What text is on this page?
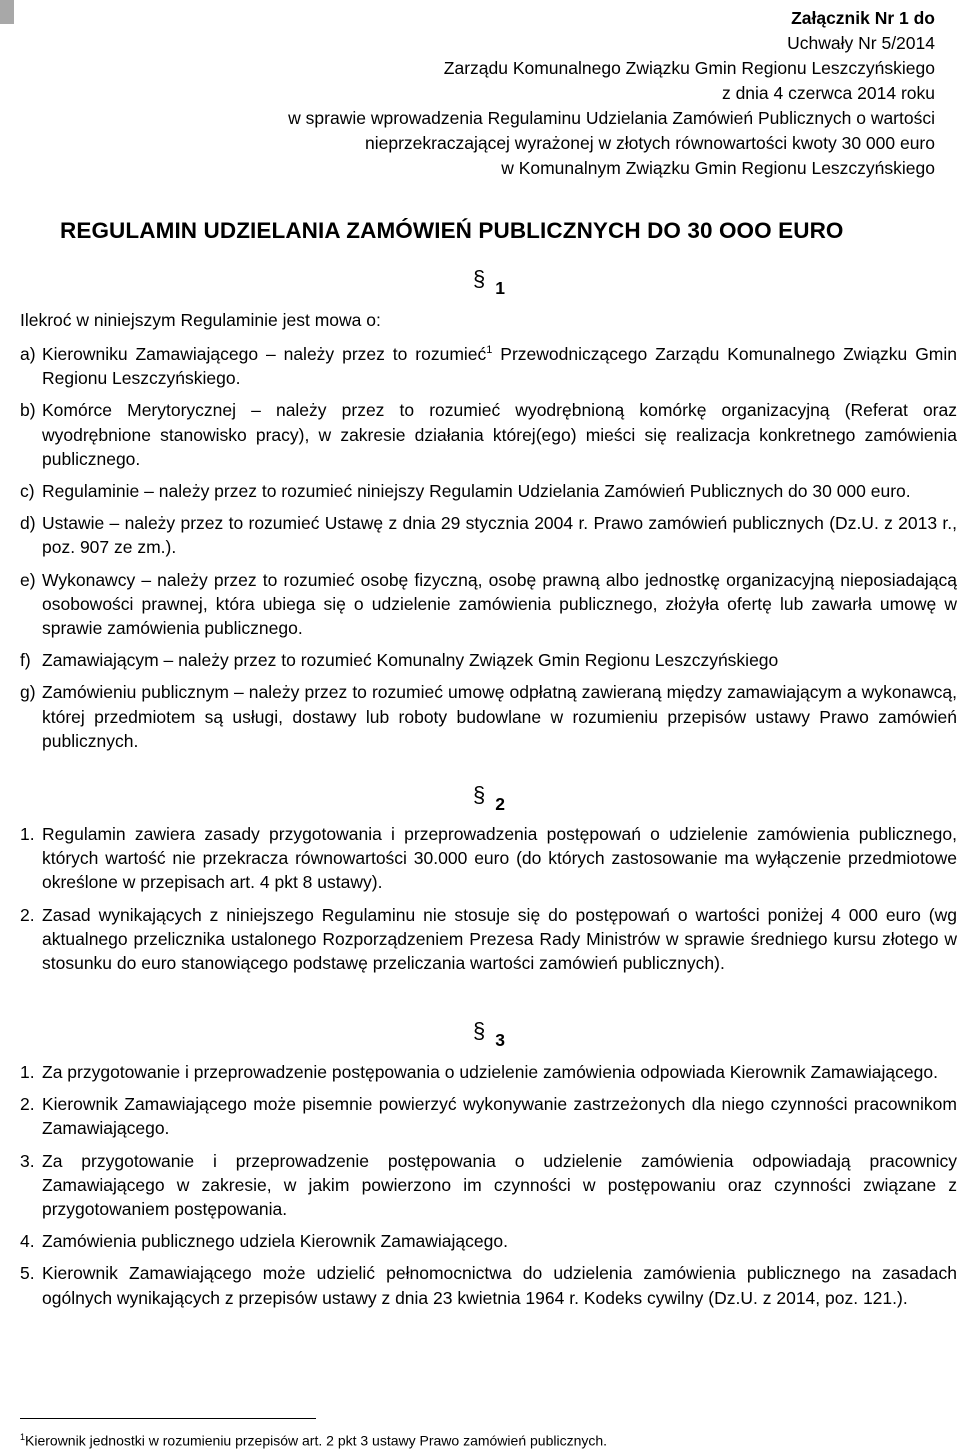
Załącznik Nr 1 do
Uchwały Nr 5/2014
Zarządu Komunalnego Związku Gmin Regionu Leszczyńskiego
z dnia 4 czerwca 2014 roku
w sprawie wprowadzenia Regulaminu Udzielania Zamówień Publicznych o wartości
nieprzekraczającej wyrażonej w złotych równowartości kwoty 30 000 euro
w Komunalnym Związku Gmin Regionu Leszczyńskiego
REGULAMIN UDZIELANIA ZAMÓWIEŃ PUBLICZNYCH DO 30 OOO EURO
§ 1
Ilekroć w niniejszym Regulaminie jest mowa o:
a) Kierowniku Zamawiającego – należy przez to rozumieć$^1$ Przewodniczącego Zarządu Komunalnego Związku Gmin Regionu Leszczyńskiego.
b) Komórce Merytorycznej – należy przez to rozumieć wyodrębnioną komórkę organizacyjną (Referat oraz wyodrębnione stanowisko pracy), w zakresie działania której(ego) mieści się realizacja konkretnego zamówienia publicznego.
c) Regulaminie – należy przez to rozumieć niniejszy Regulamin Udzielania Zamówień Publicznych do 30 000 euro.
d) Ustawie – należy przez to rozumieć Ustawę z dnia 29 stycznia 2004 r. Prawo zamówień publicznych (Dz.U. z 2013 r., poz. 907 ze zm.).
e) Wykonawcy – należy przez to rozumieć osobę fizyczną, osobę prawną albo jednostkę organizacyjną nieposiadającą osobowości prawnej, która ubiega się o udzielenie zamówienia publicznego, złożyła ofertę lub zawarła umowę w sprawie zamówienia publicznego.
f) Zamawiającym – należy przez to rozumieć Komunalny Związek Gmin Regionu Leszczyńskiego
g) Zamówieniu publicznym – należy przez to rozumieć umowę odpłatną zawieraną między zamawiającym a wykonawcą, której przedmiotem są usługi, dostawy lub roboty budowlane w rozumieniu przepisów ustawy Prawo zamówień publicznych.
§ 2
1. Regulamin zawiera zasady przygotowania i przeprowadzenia postępowań o udzielenie zamówienia publicznego, których wartość nie przekracza równowartości 30.000 euro (do których zastosowanie ma wyłączenie przedmiotowe określone w przepisach art. 4 pkt 8 ustawy).
2. Zasad wynikających z niniejszego Regulaminu nie stosuje się do postępowań o wartości poniżej 4 000 euro (wg aktualnego przelicznika ustalonego Rozporządzeniem Prezesa Rady Ministrów w sprawie średniego kursu złotego w stosunku do euro stanowiącego podstawę przeliczania wartości zamówień publicznych).
§ 3
1. Za przygotowanie i przeprowadzenie postępowania o udzielenie zamówienia odpowiada Kierownik Zamawiającego.
2. Kierownik Zamawiającego może pisemnie powierzyć wykonywanie zastrzeżonych dla niego czynności pracownikom Zamawiającego.
3. Za przygotowanie i przeprowadzenie postępowania o udzielenie zamówienia odpowiadają pracownicy Zamawiającego w zakresie, w jakim powierzono im czynności w postępowaniu oraz czynności związane z przygotowaniem postępowania.
4. Zamówienia publicznego udziela Kierownik Zamawiającego.
5. Kierownik Zamawiającego może udzielić pełnomocnictwa do udzielenia zamówienia publicznego na zasadach ogólnych wynikających z przepisów ustawy z dnia 23 kwietnia 1964 r. Kodeks cywilny (Dz.U. z 2014, poz. 121.).
$^1$Kierownik jednostki w rozumieniu przepisów art. 2 pkt 3 ustawy Prawo zamówień publicznych.
